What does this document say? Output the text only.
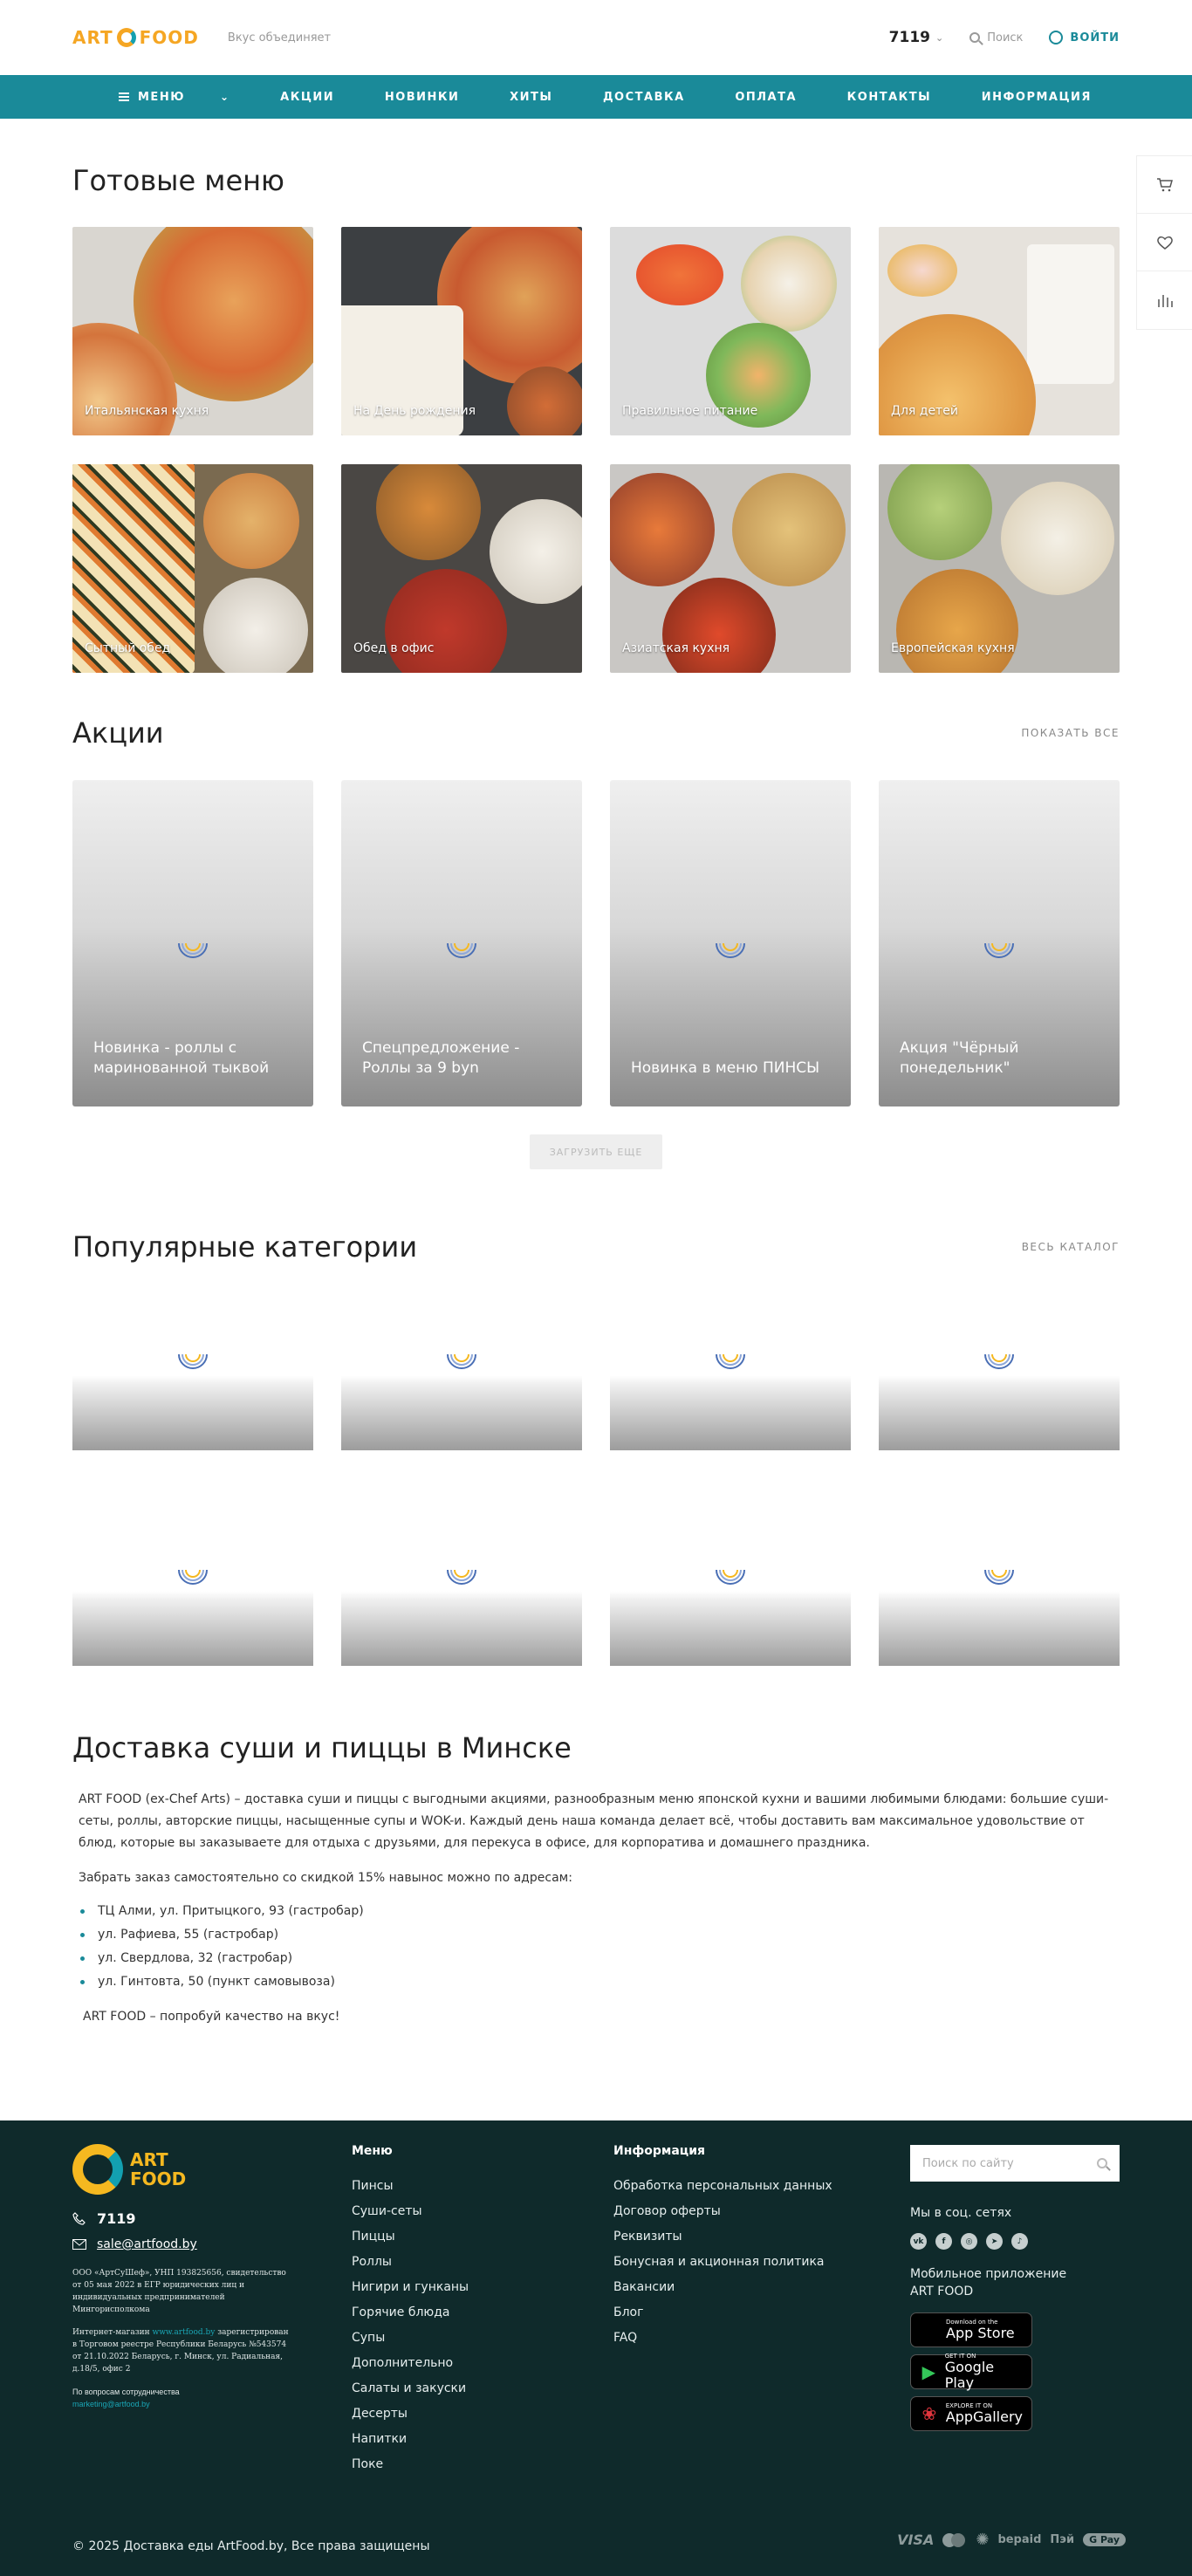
ART FOOD	Вкус объединяет	7119 ⌄	Поиск	ВОЙТИ
МЕНЮ	⌄	АКЦИИ	НОВИНКИ	ХИТЫ	ДОСТАВКА	ОПЛАТА	КОНТАКТЫ	ИНФОРМАЦИЯ
Готовые меню
Итальянская кухня	На День рождения	Правильное питание	Для детей
Сытный обед	Обед в офис	Азиатская кухня	Европейская кухня
Акции	ПОКАЗАТЬ ВСЕ
Новинка - роллы с маринованной тыквой
Спецпредложение - Роллы за 9 byn	Новинка в меню ПИНСЫ
Акция "Чёрный понедельник"
ЗАГРУЗИТЬ ЕЩЕ
Популярные категории	ВЕСЬ КАТАЛОГ
Доставка суши и пиццы в Минске

ART FOOD (ex-Chef Arts) – доставка суши и пиццы с выгодными акциями, разнообразным меню японской кухни и вашими любимыми блюдами: большие суши-сеты, роллы, авторские пиццы, насыщенные супы и WOK-и. Каждый день наша команда делает всё, чтобы доставить вам максимальное удовольствие от блюд, которые вы заказываете для отдыха с друзьями, для перекуса в офисе, для корпоратива и домашнего праздника.

Забрать заказ самостоятельно со скидкой 15% навынос можно по адресам:

ТЦ Алми, ул. Притыцкого, 93 (гастробар)
ул. Рафиева, 55 (гастробар)
ул. Свердлова, 32 (гастробар)
ул. Гинтовта, 50 (пункт самовывоза)

ART FOOD – попробуй качество на вкус!

ART
FOOD
7119
sale@artfood.by

ООО «АртСуШеф», УНП 193825656, свидетельство от 05 мая 2022 в ЕГР юридических лиц и индивидуальных предпринимателей Мингорисполкома

Интернет-магазин www.artfood.by зарегистрирован в Торговом реестре Республики Беларусь №543574 от 21.10.2022 Беларусь, г. Минск, ул. Радиальная, д.18/5, офис 2

По вопросам сотрудничества

marketing@artfood.by

Меню
Пинсы
Суши-сеты
Пиццы
Роллы
Нигири и гунканы
Горячие блюда
Супы
Дополнительно
Салаты и закуски
Десерты
Напитки
Поке
Информация
Обработка персональных данных
Договор оферты
Реквизиты
Бонусная и акционная политика
Вакансии
Блог
FAQ
Поиск по сайту
Мы в соц. сетях
vk	f	◎	➤	♪
Мобильное приложение ART FOOD
Download on the
App Store
▶
GET IT ON
Google Play
❀	EXPLORE IT ON
AppGallery
© 2025 Доставка еды ArtFood.by, Все права защищены	VISA	✺ bepaid Пэй	G Pay
